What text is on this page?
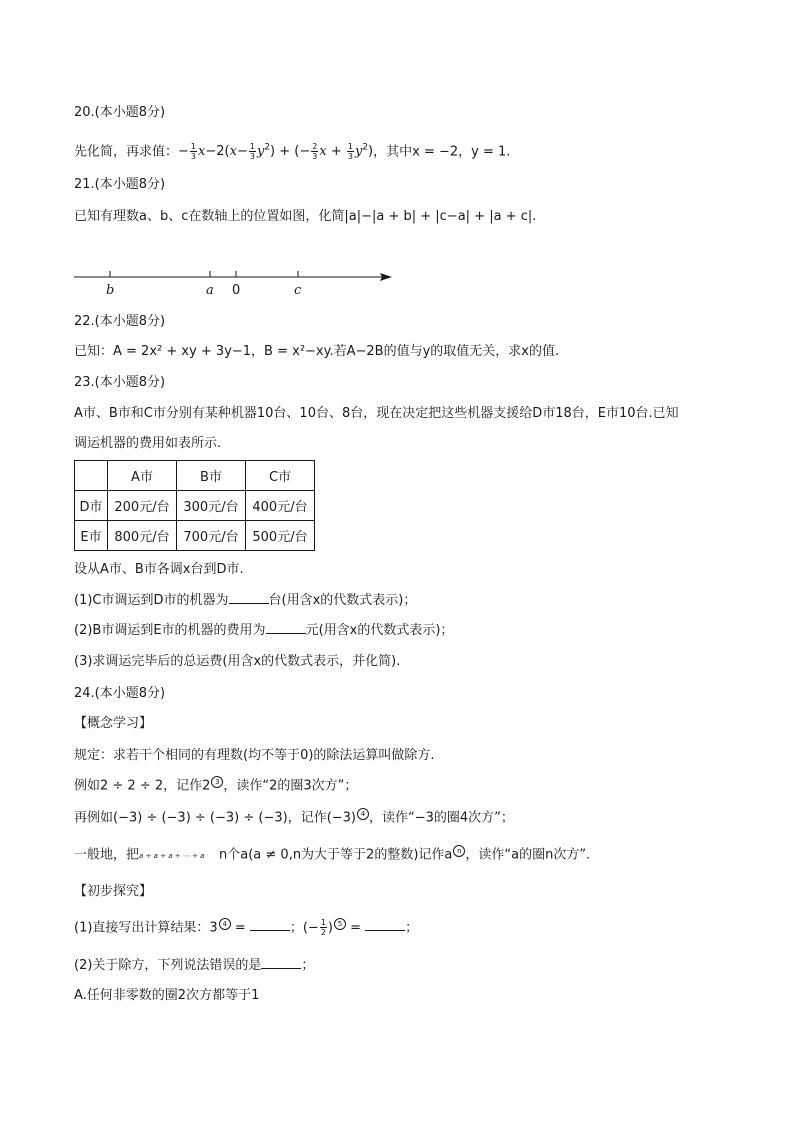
20.(本小题8分)
先化简，再求值：− $\frac{1}{3} x-2(x- \frac{1}{3} y^2)$ + (− $\frac{2}{3}$ $x + \frac{1}{3} y^2$)，其中x = −2，y = 1.
21.(本小题8分)
已知有理数a、b、c在数轴上的位置如图，化简|a|−|a + b| + |c−a| + |a + c|.
b	a 0	c
22.(本小题8分)
已知：A = 2x² + xy + 3y−1，B = x²−xy.若A−2B的值与y的取值无关，求x的值.
23.(本小题8分)
A市、B市和C市分别有某种机器10台、10台、8台，现在决定把这些机器支援给D市18台，E市10台.已知
调运机器的费用如表所示.
	A市	B市	C市
D市	200元/台	300元/台	400元/台
E市	800元/台	700元/台	500元/台
设从A市、B市各调x台到D市.
(1)C市调运到D市的机器为	台(用含x的代数式表示)；
(2)B市调运到E市的机器的费用为	元(用含x的代数式表示)；
(3)求调运完毕后的总运费(用含x的代数式表示，并化简).
24.(本小题8分)
【概念学习】
规定：求若干个相同的有理数(均不等于0)的除法运算叫做除方.
例如2 ÷ 2 ÷ 2，记作2 3 ，读作“2的圈3次方”；
再例如(−3) ÷ (−3) ÷ (−3) ÷ (−3)，记作(−3) 4 ，读作“−3的圈4次方”；
一般地，把 a ÷ a ÷ a ÷ ⋯ ÷ a n个a(a ≠ 0,n为大于等于2的整数)记作a n ，读作“a的圈n次方”.
【初步探究】
(1)直接写出计算结果：3 4 =	；(− $\frac{1}{2}$ ) 5 =	；
(2)关于除方，下列说法错误的是	；
A.任何非零数的圈2次方都等于1
